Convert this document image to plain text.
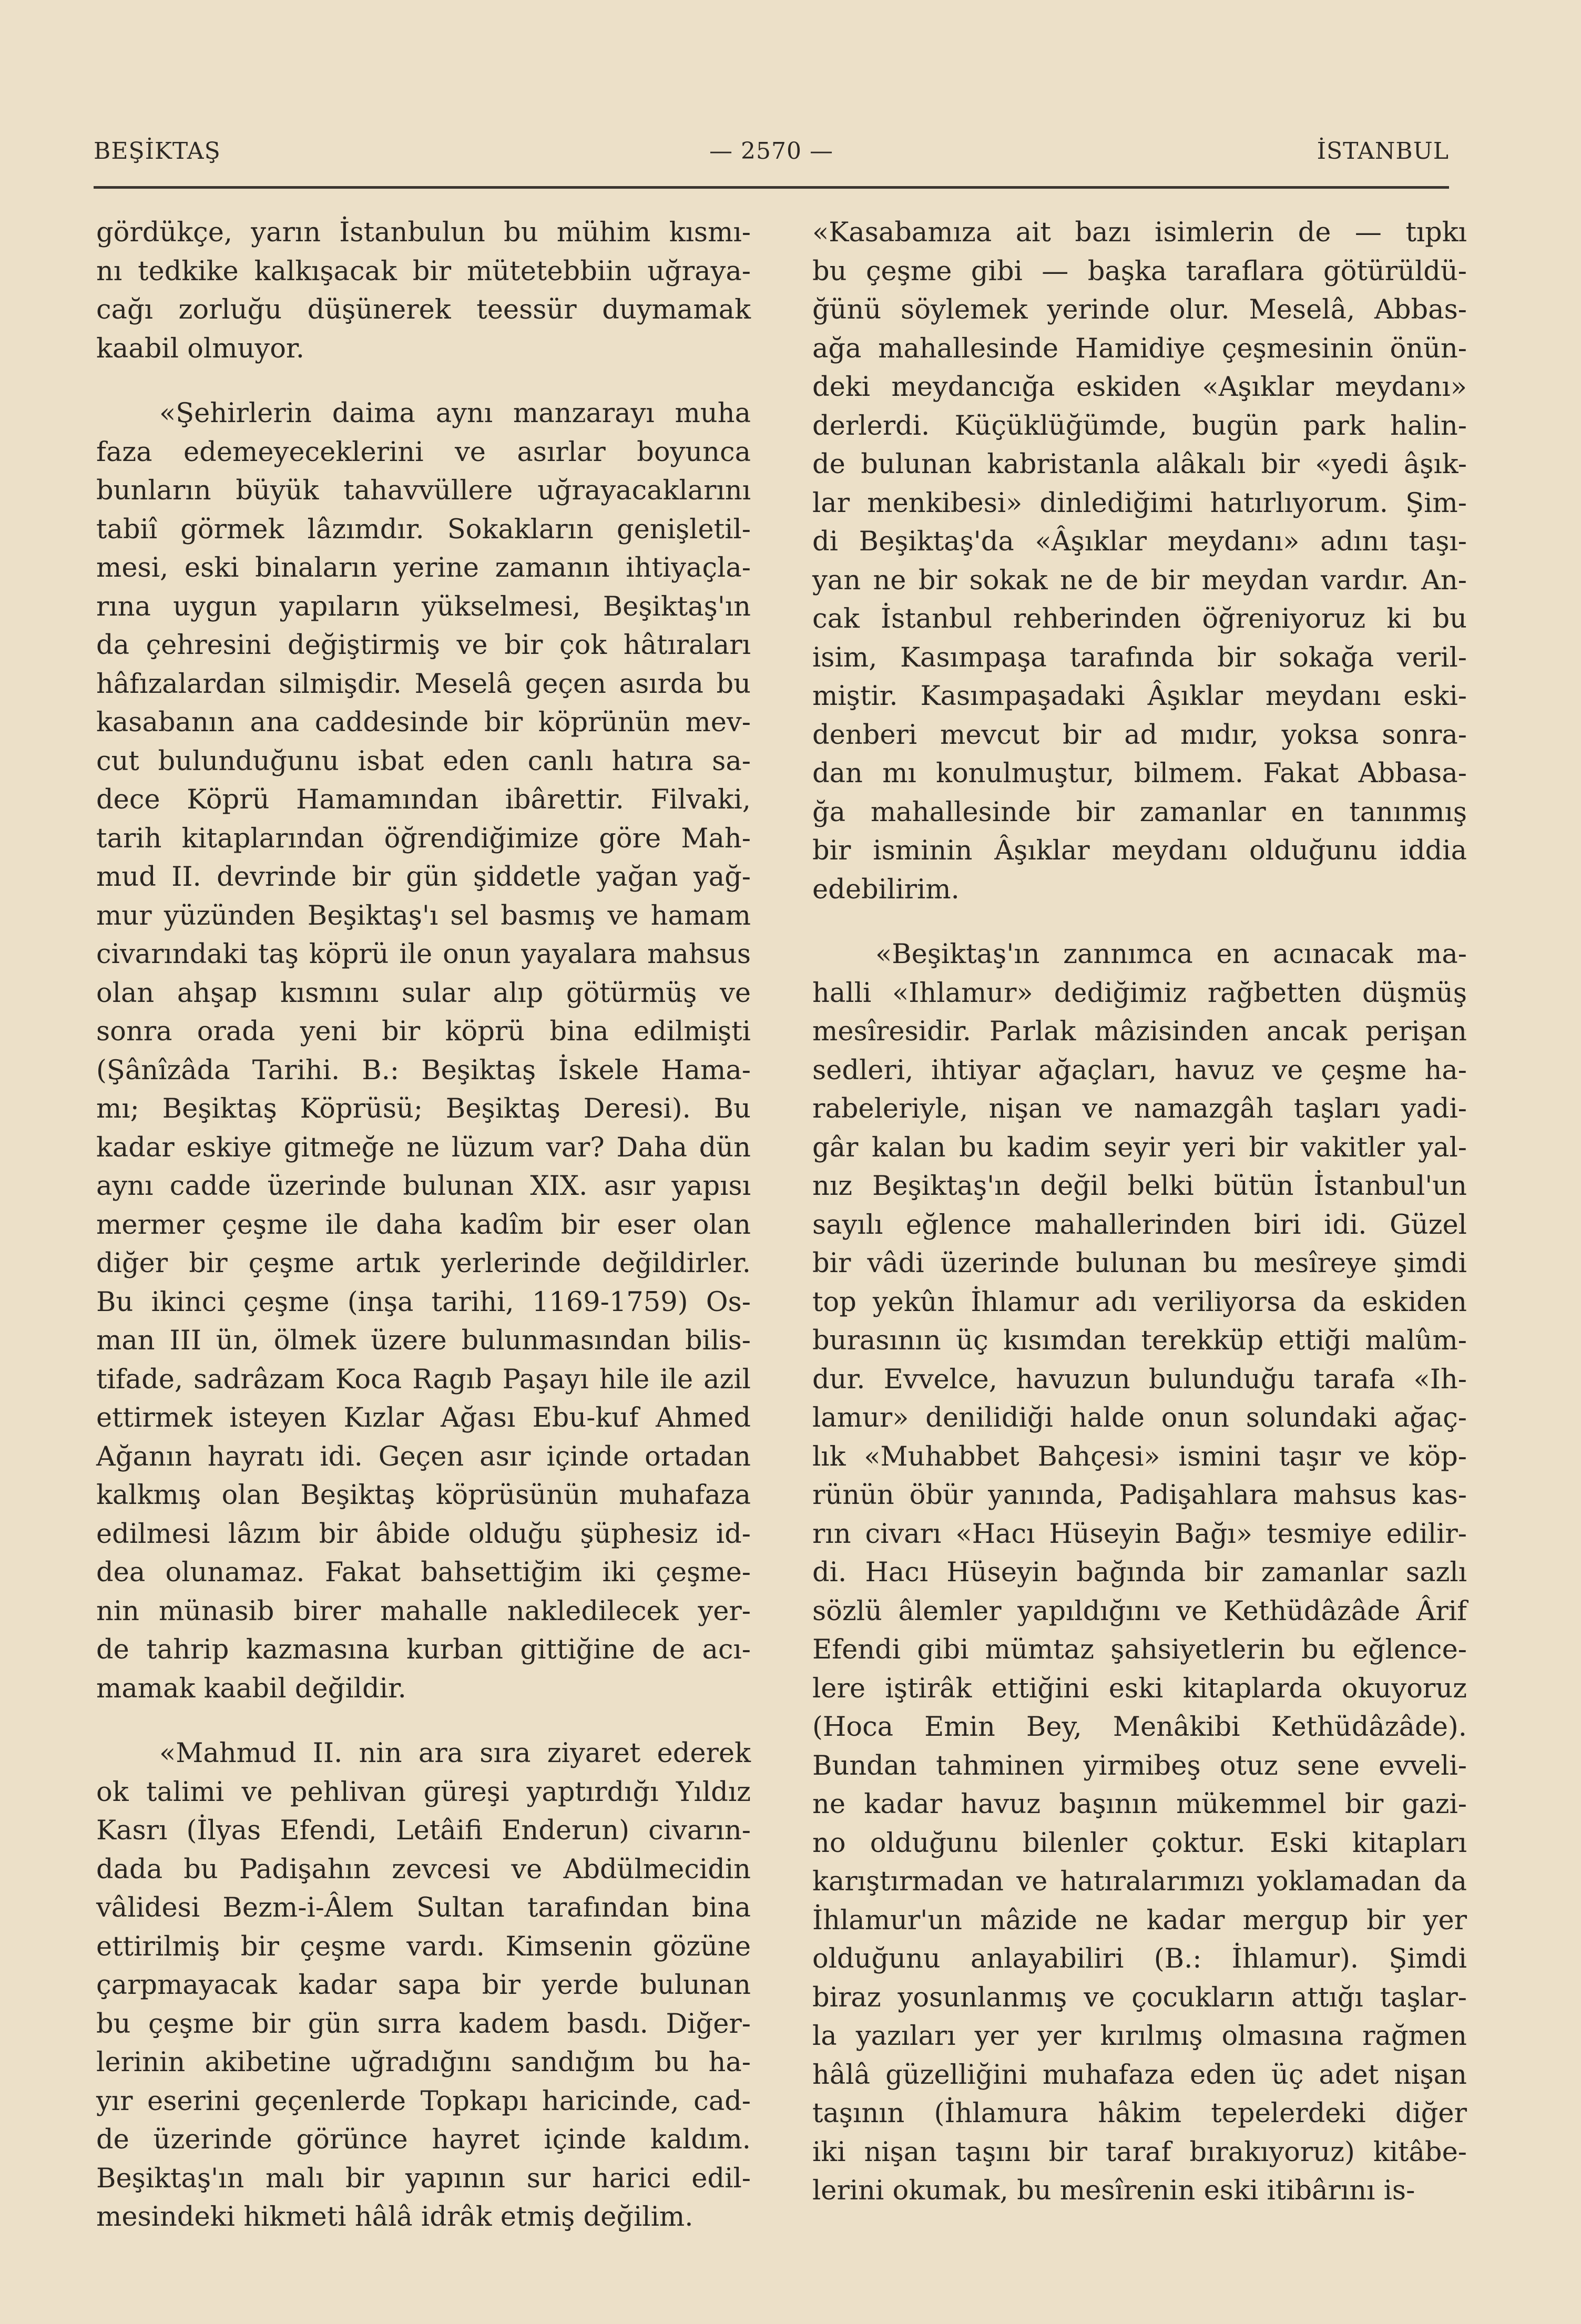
BEŞİKTAŞ	— 2570 —	İSTANBUL
gördükçe, yarın İstanbulun bu mühim kısmı-
nı tedkike kalkışacak bir mütetebbiin uğraya-
cağı zorluğu düşünerek teessür duymamak
kaabil olmuyor.
«Şehirlerin daima aynı manzarayı muha
faza edemeyeceklerini ve asırlar boyunca
bunların büyük tahavvüllere uğrayacaklarını
tabiî görmek lâzımdır. Sokakların genişletil-
mesi, eski binaların yerine zamanın ihtiyaçla-
rına uygun yapıların yükselmesi, Beşiktaş'ın
da çehresini değiştirmiş ve bir çok hâtıraları
hâfızalardan silmişdir. Meselâ geçen asırda bu
kasabanın ana caddesinde bir köprünün mev-
cut bulunduğunu isbat eden canlı hatıra sa-
dece Köprü Hamamından ibârettir. Filvaki,
tarih kitaplarından öğrendiğimize göre Mah-
mud II. devrinde bir gün şiddetle yağan yağ-
mur yüzünden Beşiktaş'ı sel basmış ve hamam
civarındaki taş köprü ile onun yayalara mahsus
olan ahşap kısmını sular alıp götürmüş ve
sonra orada yeni bir köprü bina edilmişti
(Şânîzâda Tarihi. B.: Beşiktaş İskele Hama-
mı; Beşiktaş Köprüsü; Beşiktaş Deresi). Bu
kadar eskiye gitmeğe ne lüzum var? Daha dün
aynı cadde üzerinde bulunan XIX. asır yapısı
mermer çeşme ile daha kadîm bir eser olan
diğer bir çeşme artık yerlerinde değildirler.
Bu ikinci çeşme (inşa tarihi, 1169-1759) Os-
man III ün, ölmek üzere bulunmasından bilis-
tifade, sadrâzam Koca Ragıb Paşayı hile ile azil
ettirmek isteyen Kızlar Ağası Ebu-kuf Ahmed
Ağanın hayratı idi. Geçen asır içinde ortadan
kalkmış olan Beşiktaş köprüsünün muhafaza
edilmesi lâzım bir âbide olduğu şüphesiz id-
dea olunamaz. Fakat bahsettiğim iki çeşme-
nin münasib birer mahalle nakledilecek yer-
de tahrip kazmasına kurban gittiğine de acı-
mamak kaabil değildir.
«Mahmud II. nin ara sıra ziyaret ederek
ok talimi ve pehlivan güreşi yaptırdığı Yıldız
Kasrı (İlyas Efendi, Letâifi Enderun) civarın-
dada bu Padişahın zevcesi ve Abdülmecidin
vâlidesi Bezm-i-Âlem Sultan tarafından bina
ettirilmiş bir çeşme vardı. Kimsenin gözüne
çarpmayacak kadar sapa bir yerde bulunan
bu çeşme bir gün sırra kadem basdı. Diğer-
lerinin akibetine uğradığını sandığım bu ha-
yır eserini geçenlerde Topkapı haricinde, cad-
de üzerinde görünce hayret içinde kaldım.
Beşiktaş'ın malı bir yapının sur harici edil-
mesindeki hikmeti hâlâ idrâk etmiş değilim.
«Kasabamıza ait bazı isimlerin de — tıpkı
bu çeşme gibi — başka taraflara götürüldü-
ğünü söylemek yerinde olur. Meselâ, Abbas-
ağa mahallesinde Hamidiye çeşmesinin önün-
deki meydancığa eskiden «Aşıklar meydanı»
derlerdi. Küçüklüğümde, bugün park halin-
de bulunan kabristanla alâkalı bir «yedi âşık-
lar menkibesi» dinlediğimi hatırlıyorum. Şim-
di Beşiktaş'da «Âşıklar meydanı» adını taşı-
yan ne bir sokak ne de bir meydan vardır. An-
cak İstanbul rehberinden öğreniyoruz ki bu
isim, Kasımpaşa tarafında bir sokağa veril-
miştir. Kasımpaşadaki Âşıklar meydanı eski-
denberi mevcut bir ad mıdır, yoksa sonra-
dan mı konulmuştur, bilmem. Fakat Abbasa-
ğa mahallesinde bir zamanlar en tanınmış
bir isminin Âşıklar meydanı olduğunu iddia
edebilirim.
«Beşiktaş'ın zannımca en acınacak ma-
halli «Ihlamur» dediğimiz rağbetten düşmüş
mesîresidir. Parlak mâzisinden ancak perişan
sedleri, ihtiyar ağaçları, havuz ve çeşme ha-
rabeleriyle, nişan ve namazgâh taşları yadi-
gâr kalan bu kadim seyir yeri bir vakitler yal-
nız Beşiktaş'ın değil belki bütün İstanbul'un
sayılı eğlence mahallerinden biri idi. Güzel
bir vâdi üzerinde bulunan bu mesîreye şimdi
top yekûn İhlamur adı veriliyorsa da eskiden
burasının üç kısımdan terekküp ettiği malûm-
dur. Evvelce, havuzun bulunduğu tarafa «Ih-
lamur» denilidiği halde onun solundaki ağaç-
lık «Muhabbet Bahçesi» ismini taşır ve köp-
rünün öbür yanında, Padişahlara mahsus kas-
rın civarı «Hacı Hüseyin Bağı» tesmiye edilir-
di. Hacı Hüseyin bağında bir zamanlar sazlı
sözlü âlemler yapıldığını ve Kethüdâzâde Ârif
Efendi gibi mümtaz şahsiyetlerin bu eğlence-
lere iştirâk ettiğini eski kitaplarda okuyoruz
(Hoca Emin Bey, Menâkibi Kethüdâzâde).
Bundan tahminen yirmibeş otuz sene evveli-
ne kadar havuz başının mükemmel bir gazi-
no olduğunu bilenler çoktur. Eski kitapları
karıştırmadan ve hatıralarımızı yoklamadan da
İhlamur'un mâzide ne kadar mergup bir yer
olduğunu anlayabiliri (B.: İhlamur). Şimdi
biraz yosunlanmış ve çocukların attığı taşlar-
la yazıları yer yer kırılmış olmasına rağmen
hâlâ güzelliğini muhafaza eden üç adet nişan
taşının (İhlamura hâkim tepelerdeki diğer
iki nişan taşını bir taraf bırakıyoruz) kitâbe-
lerini okumak, bu mesîrenin eski itibârını is-
